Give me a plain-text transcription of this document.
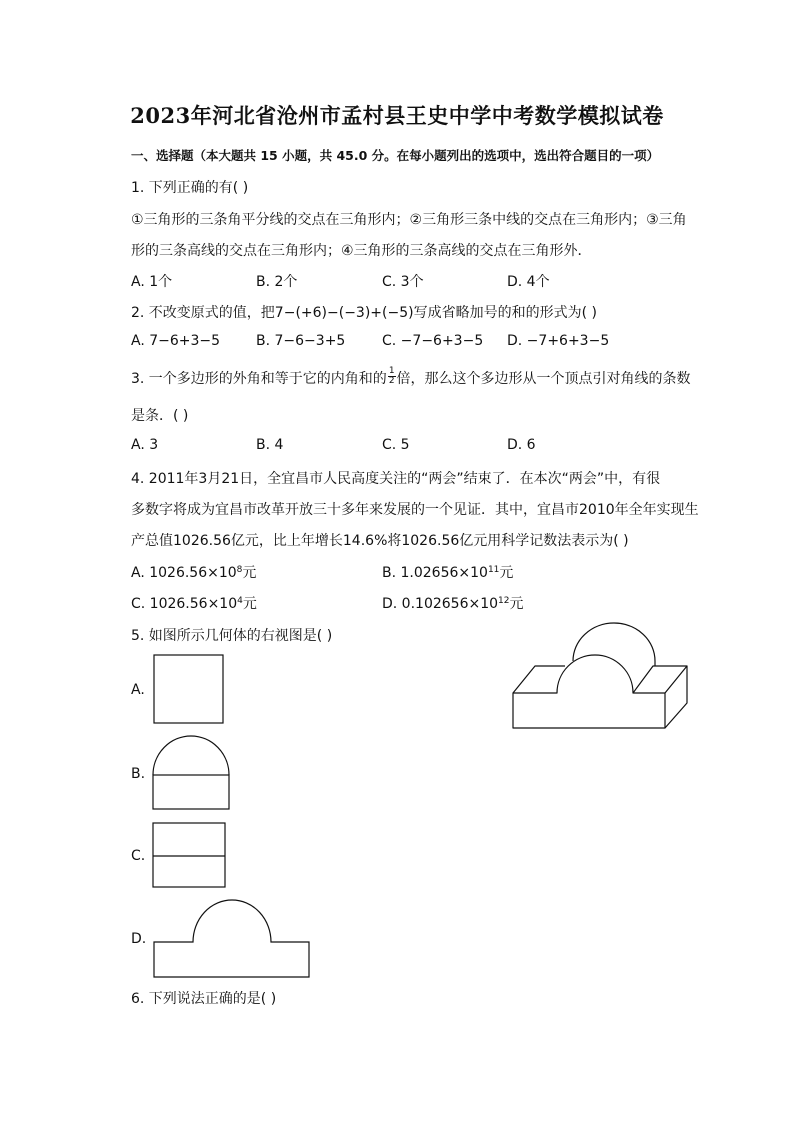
2023年河北省沧州市孟村县王史中学中考数学模拟试卷
一、选择题（本大题共 15 小题，共 45.0 分。在每小题列出的选项中，选出符合题目的一项）
1. 下列正确的有( )
①三角形的三条角平分线的交点在三角形内；②三角形三条中线的交点在三角形内；③三角
形的三条高线的交点在三角形内；④三角形的三条高线的交点在三角形外．
A. 1个	B. 2个	C. 3个	D. 4个
2. 不改变原式的值，把7−(+6)−(−3)+(−5)写成省略加号的和的形式为( )
A. 7−6+3−5	B. 7−6−3+5	C. −7−6+3−5 D. −7+6+3−5
3. 一个多边形的外角和等于它的内角和的 $\frac{1}{2}$ 倍，那么这个多边形从一个顶点引对角线的条数
是条．( )
A. 3	B. 4	C. 5	D. 6
4. 2011年3月21日，全宜昌市人民高度关注的“两会”结束了．在本次“两会”中，有很
多数字将成为宜昌市改革开放三十多年来发展的一个见证．其中，宜昌市2010年全年实现生
产总值1026.56亿元，比上年增长14.6%将1026.56亿元用科学记数法表示为( )
A. $1026.56\times 10^8$元	B. $1.02656\times 10^{11}$元
C. $1026.56\times 10^4$元	D. $0.102656\times 10^{12}$元
5. 如图所示几何体的右视图是( )
A.
B.
C.
D.
6. 下列说法正确的是( )
